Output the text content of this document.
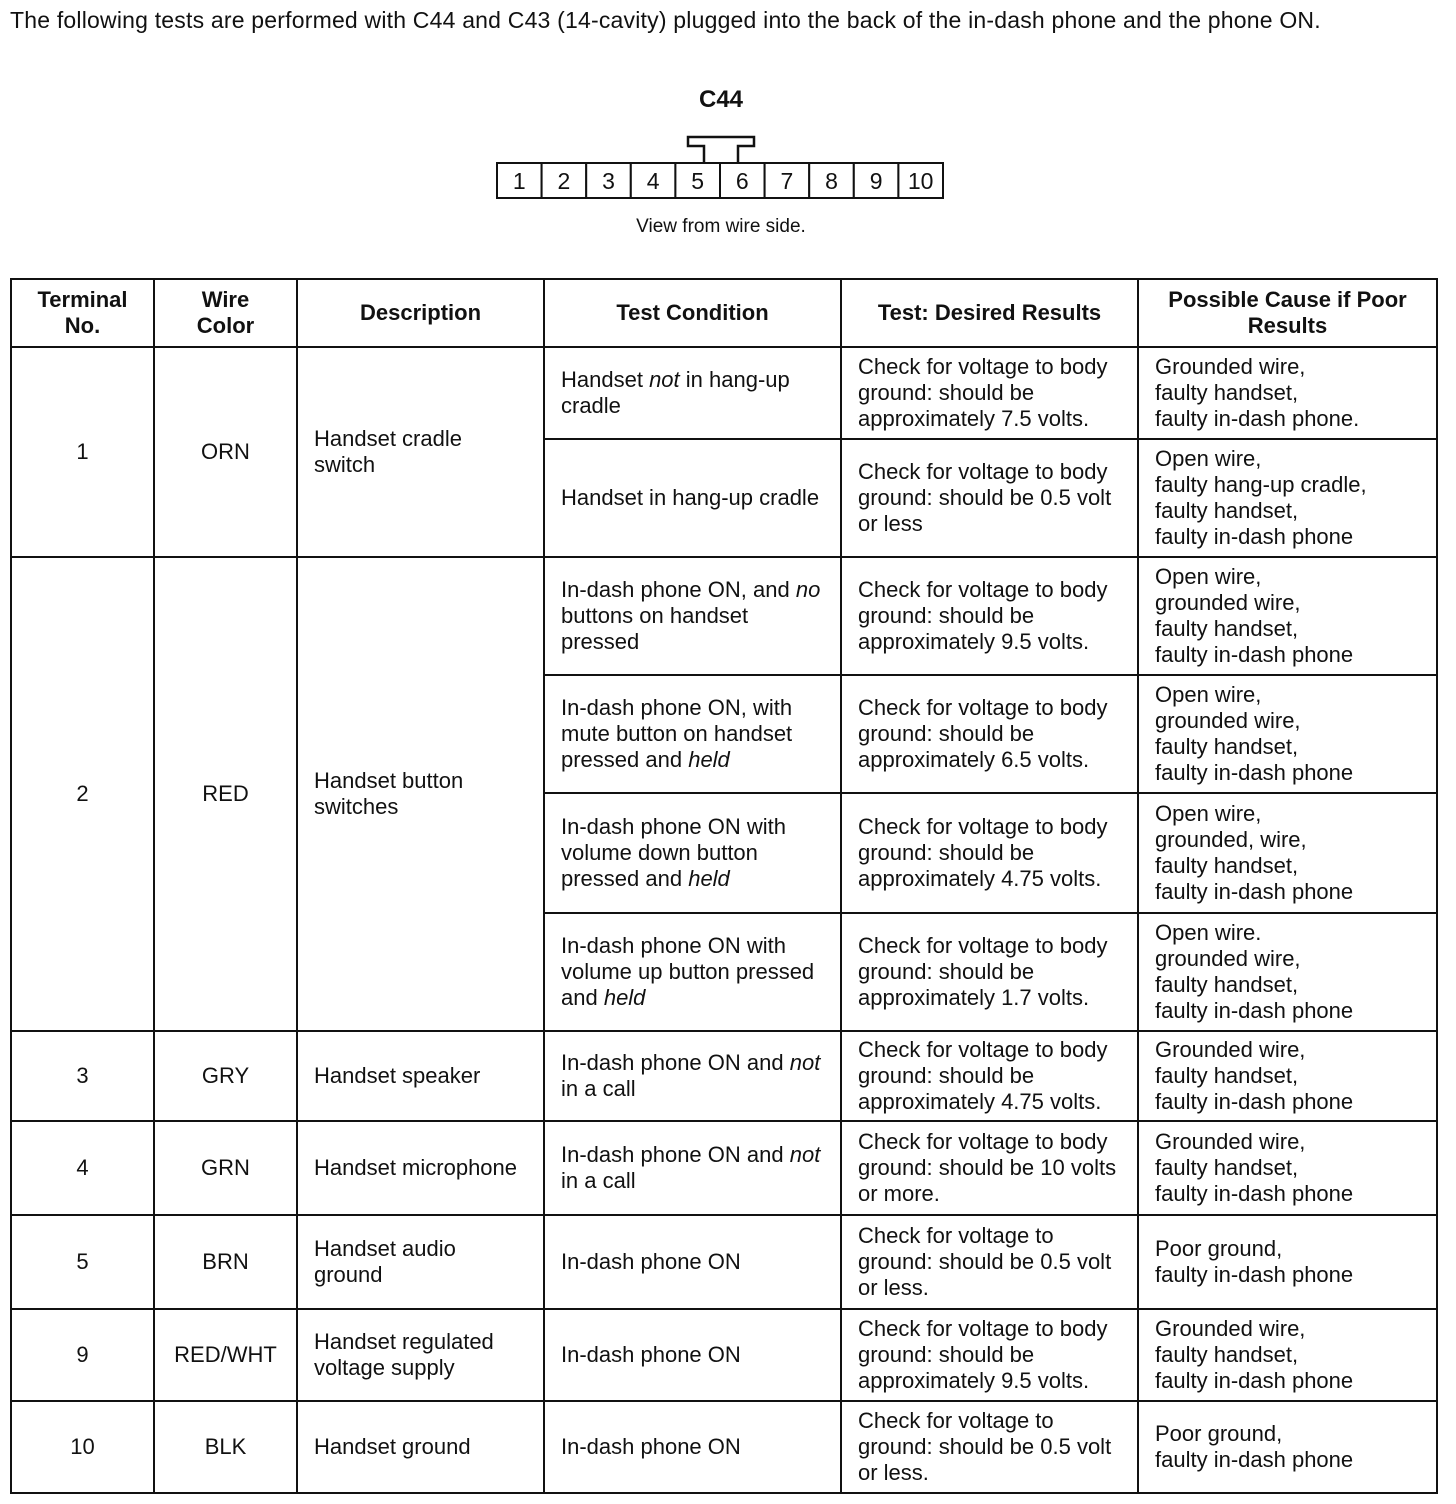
The following tests are performed with C44 and C43 (14-cavity) plugged into the back of the in-dash phone and the phone ON.

C44
1 2 3 4 5 6 7 8 9 10
View from wire side.
Terminal No.	Wire Color	Description	Test Condition	Test: Desired Results	Possible Cause if Poor Results
1	ORN	Handset cradle switch	Handset not in hang-up cradle	Check for voltage to body ground: should be approximately 7.5 volts.	Grounded wire,
faulty handset,
faulty in-dash phone.

			Handset in hang-up cradle	Check for voltage to body ground: should be 0.5 volt or less	Open wire,
faulty hang-up cradle,
faulty handset,
faulty in-dash phone

2	RED	Handset button switches	In-dash phone ON, and no buttons on handset pressed	Check for voltage to body ground: should be approximately 9.5 volts.	Open wire,
grounded wire,
faulty handset,
faulty in-dash phone

			In-dash phone ON, with mute button on handset pressed and held	Check for voltage to body ground: should be approximately 6.5 volts.	Open wire,
grounded wire,
faulty handset,
faulty in-dash phone

			In-dash phone ON with volume down button pressed and held	Check for voltage to body ground: should be approximately 4.75 volts.	Open wire,
grounded, wire,
faulty handset,
faulty in-dash phone

			In-dash phone ON with volume up button pressed and held	Check for voltage to body ground: should be approximately 1.7 volts.	Open wire.
grounded wire,
faulty handset,
faulty in-dash phone

3	GRY	Handset speaker	In-dash phone ON and not in a call	Check for voltage to body ground: should be approximately 4.75 volts.	Grounded wire,
faulty handset,
faulty in-dash phone

4	GRN	Handset microphone	In-dash phone ON and not in a call	Check for voltage to body ground: should be 10 volts or more.	Grounded wire,
faulty handset,
faulty in-dash phone

5	BRN	Handset audio ground	In-dash phone ON	Check for voltage to ground: should be 0.5 volt or less.	Poor ground,
faulty in-dash phone

9	RED/WHT	Handset regulated voltage supply	In-dash phone ON	Check for voltage to body ground: should be approximately 9.5 volts.	Grounded wire,
faulty handset,
faulty in-dash phone

10	BLK	Handset ground	In-dash phone ON	Check for voltage to ground: should be 0.5 volt or less.	Poor ground,
faulty in-dash phone
